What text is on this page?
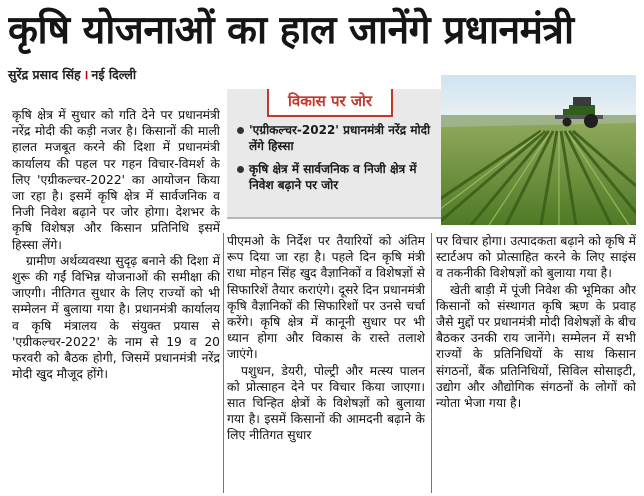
कृषि योजनाओं का हाल जानेंगे प्रधानमंत्री
सुरेंद्र प्रसाद सिंह । नई दिल्ली
विकास पर जोर
'एग्रीकल्चर-2022' प्रधानमंत्री नरेंद्र मोदी लेंगे हिस्सा
कृषि क्षेत्र में सार्वजनिक व निजी क्षेत्र में निवेश बढ़ाने पर जोर

कृषि क्षेत्र में सुधार को गति देने पर प्रधानमंत्री नरेंद्र मोदी की कड़ी नजर है। किसानों की माली हालत मजबूत करने की दिशा में प्रधानमंत्री कार्यालय की पहल पर गहन विचार-विमर्श के लिए 'एग्रीकल्चर-2022' का आयोजन किया जा रहा है। इसमें कृषि क्षेत्र में सार्वजनिक व निजी निवेश बढ़ाने पर जोर होगा। देशभर के कृषि विशेषज्ञ और किसान प्रतिनिधि इसमें हिस्सा लेंगे।

ग्रामीण अर्थव्यवस्था सुदृढ़ बनाने की दिशा में शुरू की गईं विभिन्न योजनाओं की समीक्षा की जाएगी। नीतिगत सुधार के लिए राज्यों को भी सम्मेलन में बुलाया गया है। प्रधानमंत्री कार्यालय व कृषि मंत्रालय के संयुक्त प्रयास से 'एग्रीकल्चर-2022' के नाम से 19 व 20 फरवरी को बैठक होगी, जिसमें प्रधानमंत्री नरेंद्र मोदी खुद मौजूद होंगे।

पीएमओ के निर्देश पर तैयारियों को अंतिम रूप दिया जा रहा है। पहले दिन कृषि मंत्री राधा मोहन सिंह खुद वैज्ञानिकों व विशेषज्ञों से सिफारिशें तैयार कराएंगे। दूसरे दिन प्रधानमंत्री कृषि वैज्ञानिकों की सिफारिशों पर उनसे चर्चा करेंगे। कृषि क्षेत्र में कानूनी सुधार पर भी ध्यान होगा और विकास के रास्ते तलाशे जाएंगे।

पशुधन, डेयरी, पोल्ट्री और मत्स्य पालन को प्रोत्साहन देने पर विचार किया जाएगा। सात चिन्हित क्षेत्रों के विशेषज्ञों को बुलाया गया है। इसमें किसानों की आमदनी बढ़ाने के लिए नीतिगत सुधार

पर विचार होगा। उत्पादकता बढ़ाने को कृषि में स्टार्टअप को प्रोत्साहित करने के लिए साइंस व तकनीकी विशेषज्ञों को बुलाया गया है।

खेती बाड़ी में पूंजी निवेश की भूमिका और किसानों को संस्थागत कृषि ऋण के प्रवाह जैसे मुद्दों पर प्रधानमंत्री मोदी विशेषज्ञों के बीच बैठकर उनकी राय जानेंगे। सम्मेलन में सभी राज्यों के प्रतिनिधियों के साथ किसान संगठनों, बैंक प्रतिनिधियों, सिविल सोसाइटी, उद्योग और औद्योगिक संगठनों के लोगों को न्योता भेजा गया है।
